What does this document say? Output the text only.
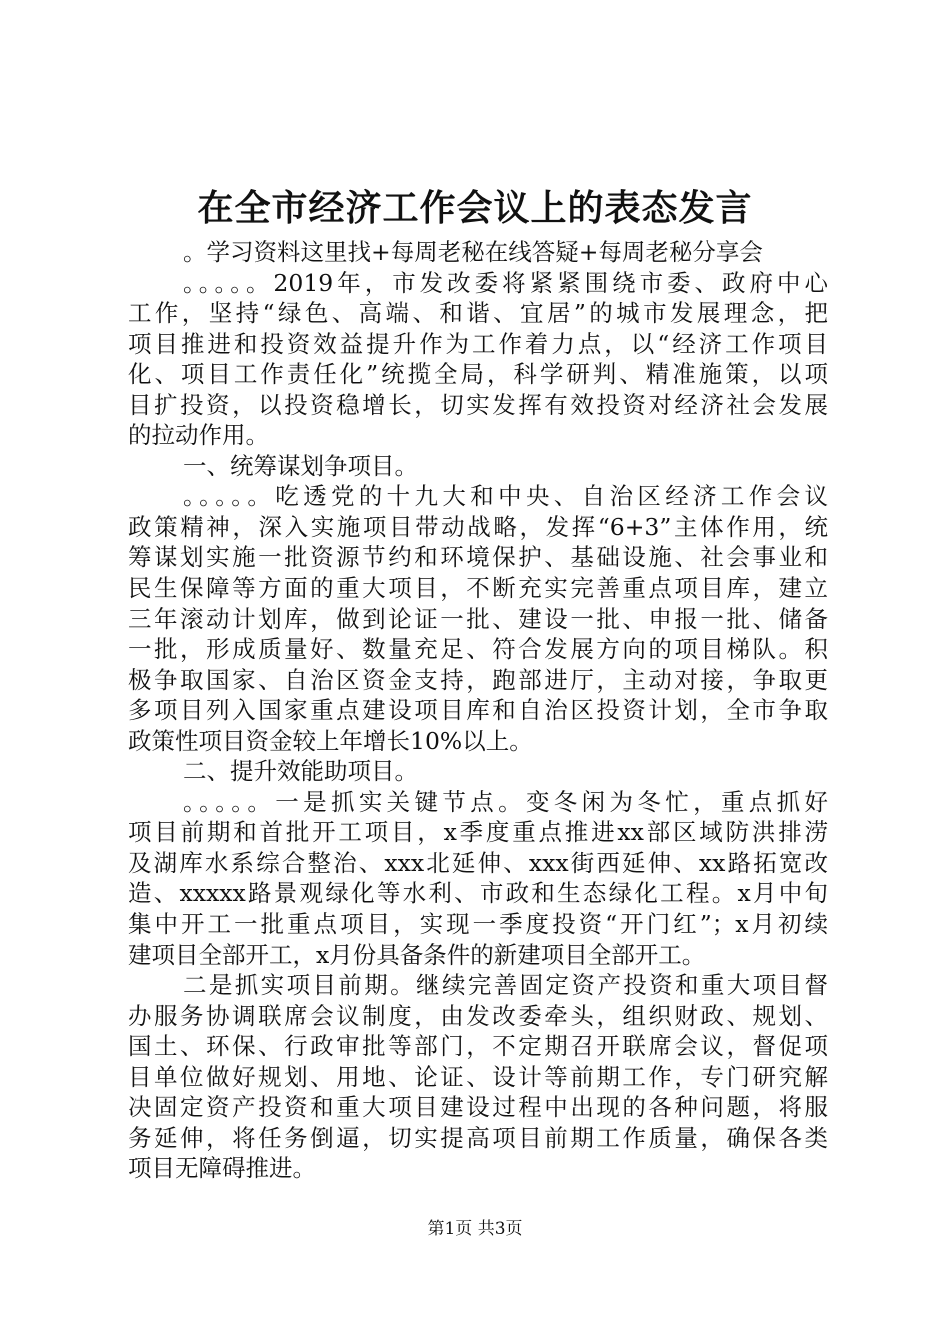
在全市经济工作会议上的表态发言
。学习资料这里找+每周老秘在线答疑+每周老秘分享会
。。。。。2019年，市发改委将紧紧围绕市委、政府中心
工作，坚持“绿色、高端、和谐、宜居”的城市发展理念，把
项目推进和投资效益提升作为工作着力点，以“经济工作项目
化、项目工作责任化”统揽全局，科学研判、精准施策，以项
目扩投资，以投资稳增长，切实发挥有效投资对经济社会发展
的拉动作用。
一、统筹谋划争项目。
。。。。。吃透党的十九大和中央、自治区经济工作会议
政策精神，深入实施项目带动战略，发挥“6+3”主体作用，统
筹谋划实施一批资源节约和环境保护、基础设施、社会事业和
民生保障等方面的重大项目，不断充实完善重点项目库，建立
三年滚动计划库，做到论证一批、建设一批、申报一批、储备
一批，形成质量好、数量充足、符合发展方向的项目梯队。积
极争取国家、自治区资金支持，跑部进厅，主动对接，争取更
多项目列入国家重点建设项目库和自治区投资计划，全市争取
政策性项目资金较上年增长10%以上。
二、提升效能助项目。
。。。。。一是抓实关键节点。变冬闲为冬忙，重点抓好
项目前期和首批开工项目，x季度重点推进xx部区域防洪排涝
及湖库水系综合整治、xxx北延伸、xxx街西延伸、xx路拓宽改
造、xxxxx路景观绿化等水利、市政和生态绿化工程。x月中旬
集中开工一批重点项目，实现一季度投资“开门红”；x月初续
建项目全部开工，x月份具备条件的新建项目全部开工。
二是抓实项目前期。继续完善固定资产投资和重大项目督
办服务协调联席会议制度，由发改委牵头，组织财政、规划、
国土、环保、行政审批等部门，不定期召开联席会议，督促项
目单位做好规划、用地、论证、设计等前期工作，专门研究解
决固定资产投资和重大项目建设过程中出现的各种问题，将服
务延伸，将任务倒逼，切实提高项目前期工作质量，确保各类
项目无障碍推进。
第1页 共3页
